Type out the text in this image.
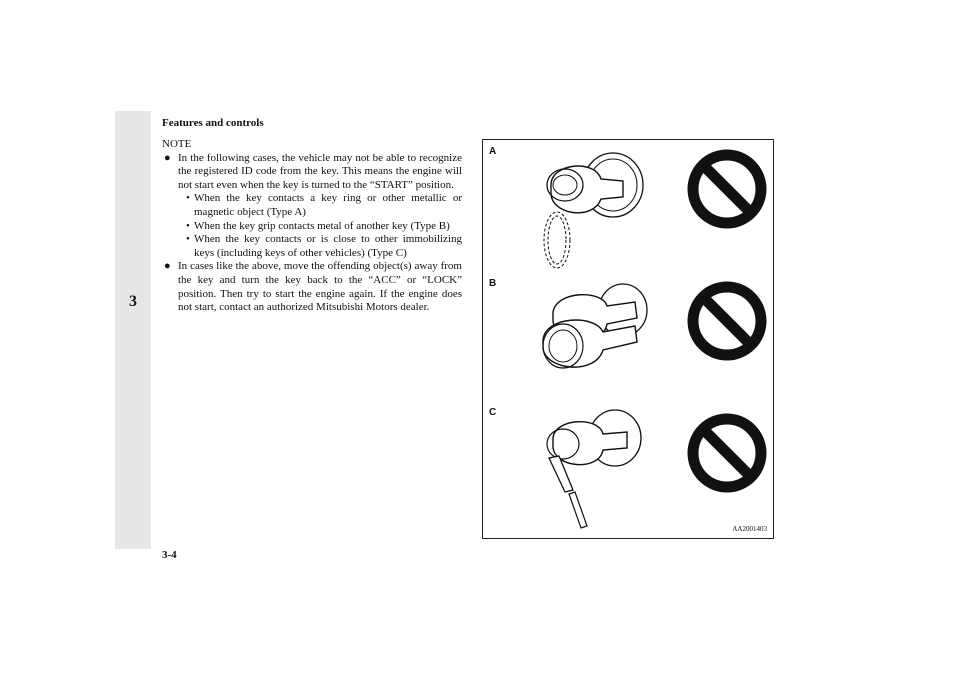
Features and controls
3
NOTE
● In the following cases, the vehicle may not be able to recognize the registered ID code from the key. This means the engine will not start even when the key is turned to the “START” position.
• When the key contacts a key ring or other metallic or magnetic object (Type A)
• When the key grip contacts metal of another key (Type B)
• When the key contacts or is close to other immobilizing keys (including keys of other vehicles) (Type C)
● In cases like the above, move the offending object(s) away from the key and turn the key back to the “ACC” or “LOCK” position. Then try to start the engine again. If the engine does not start, contact an authorized Mitsubishi Motors dealer.
A
B
C
AA2001403
3-4
